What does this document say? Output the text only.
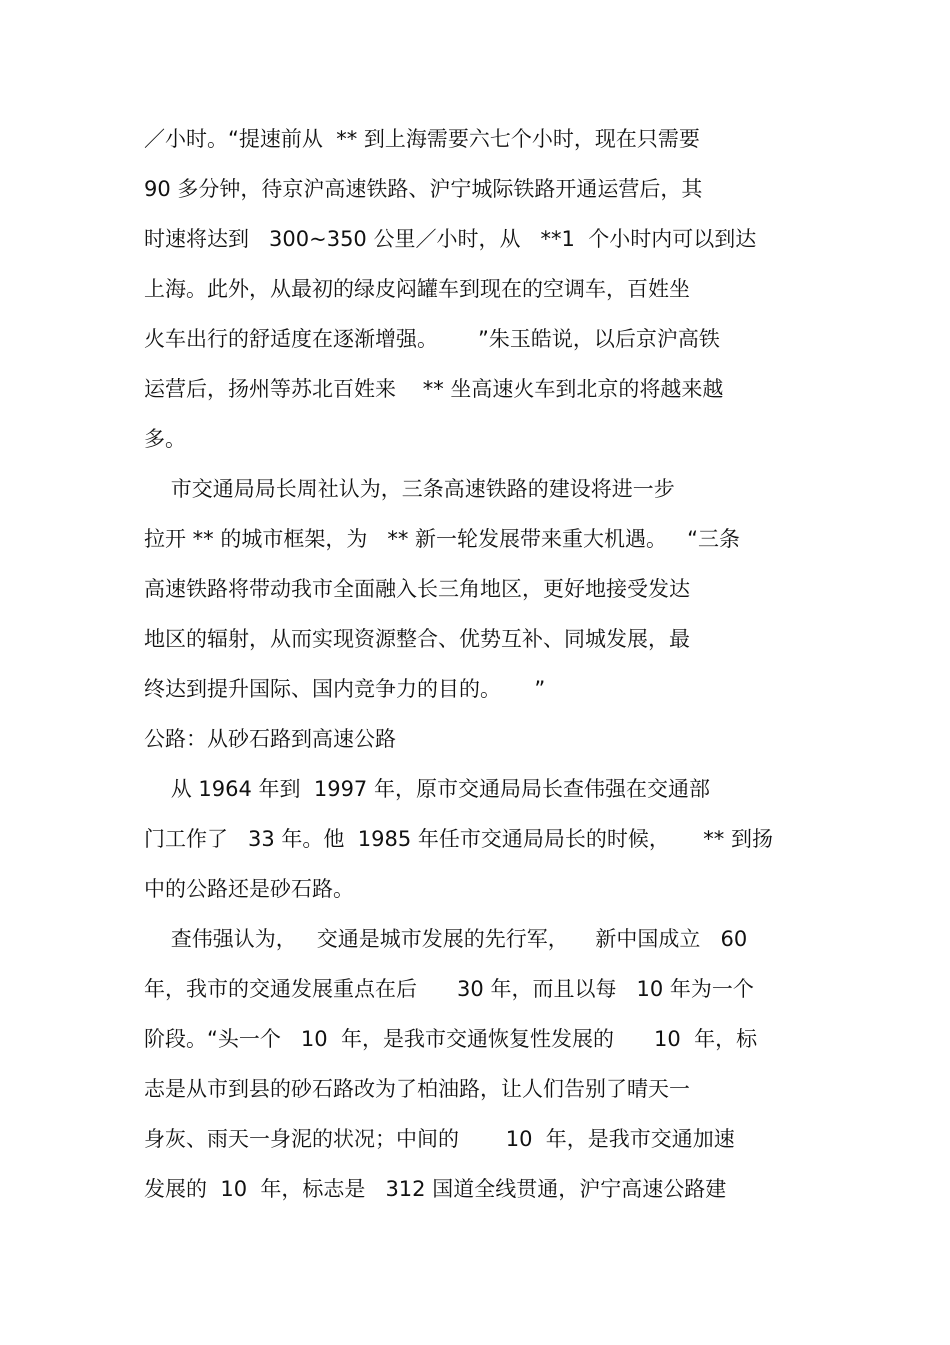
／小时。“提速前从  ** 到上海需要六七个小时，现在只需要
90 多分钟，待京沪高速铁路、沪宁城际铁路开通运营后，其
时速将达到   300~350 公里／小时，从   **1  个小时内可以到达
上海。此外，从最初的绿皮闷罐车到现在的空调车，百姓坐
火车出行的舒适度在逐渐增强。      ”朱玉皓说，以后京沪高铁
运营后，扬州等苏北百姓来    ** 坐高速火车到北京的将越来越
多。
市交通局局长周社认为，三条高速铁路的建设将进一步
拉开 ** 的城市框架，为   ** 新一轮发展带来重大机遇。   “三条
高速铁路将带动我市全面融入长三角地区，更好地接受发达
地区的辐射，从而实现资源整合、优势互补、同城发展，最
终达到提升国际、国内竞争力的目的。     ”
公路：从砂石路到高速公路
从 1964 年到  1997 年，原市交通局局长查伟强在交通部
门工作了   33 年。他  1985 年任市交通局局长的时候，     ** 到扬
中的公路还是砂石路。
查伟强认为，   交通是城市发展的先行军，    新中国成立   60
年，我市的交通发展重点在后      30 年，而且以每   10 年为一个
阶段。“头一个   10  年，是我市交通恢复性发展的      10  年，标
志是从市到县的砂石路改为了柏油路，让人们告别了晴天一
身灰、雨天一身泥的状况；中间的       10  年，是我市交通加速
发展的  10  年，标志是   312 国道全线贯通，沪宁高速公路建
